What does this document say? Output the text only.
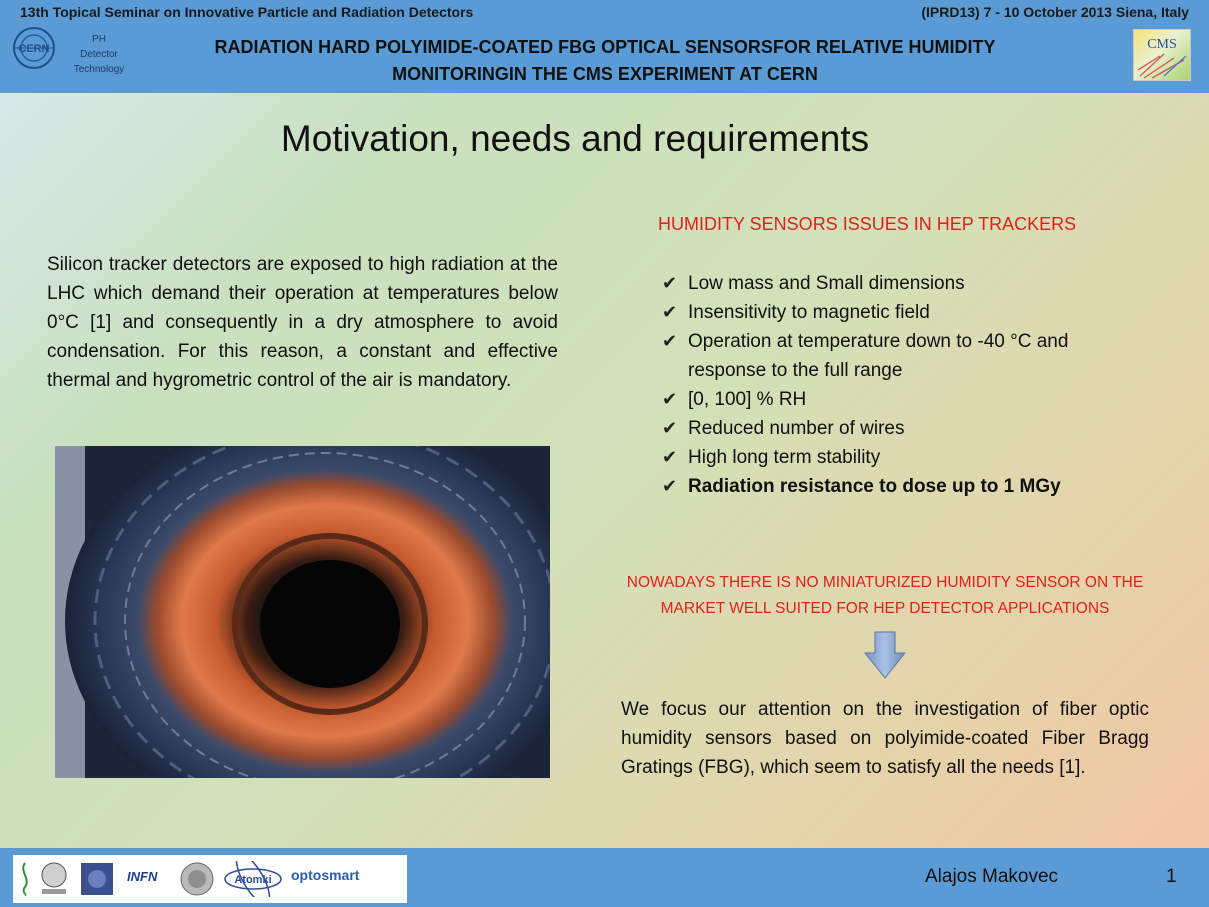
13th Topical Seminar on Innovative Particle and Radiation Detectors	(IPRD13) 7 - 10 October 2013 Siena, Italy
CERN
PH
Detector
Technology
RADIATION HARD POLYIMIDE-COATED FBG OPTICAL SENSORSFOR RELATIVE HUMIDITY
MONITORINGIN THE CMS EXPERIMENT AT CERN
CMS
Motivation, needs and requirements
Silicon tracker detectors are exposed to high radiation at the LHC which demand their operation at temperatures below 0°C [1] and consequently in a dry atmosphere to avoid condensation. For this reason, a constant and effective thermal and hygrometric control of the air is mandatory.
HUMIDITY SENSORS ISSUES IN HEP TRACKERS
✔ Low mass and Small dimensions
✔ Insensitivity to magnetic field
✔ Operation at temperature down to -40 °C and response to the full range
✔ [0, 100] % RH
✔ Reduced number of wires
✔ High long term stability
✔ Radiation resistance to dose up to 1 MGy
NOWADAYS THERE IS NO MINIATURIZED HUMIDITY SENSOR ON THE
MARKET WELL SUITED FOR HEP DETECTOR APPLICATIONS
We focus our attention on the investigation of fiber optic humidity sensors based on polyimide-coated Fiber Bragg Gratings (FBG), which seem to satisfy all the needs [1].
INFN	Atomki optosmart	Alajos Makovec	1
